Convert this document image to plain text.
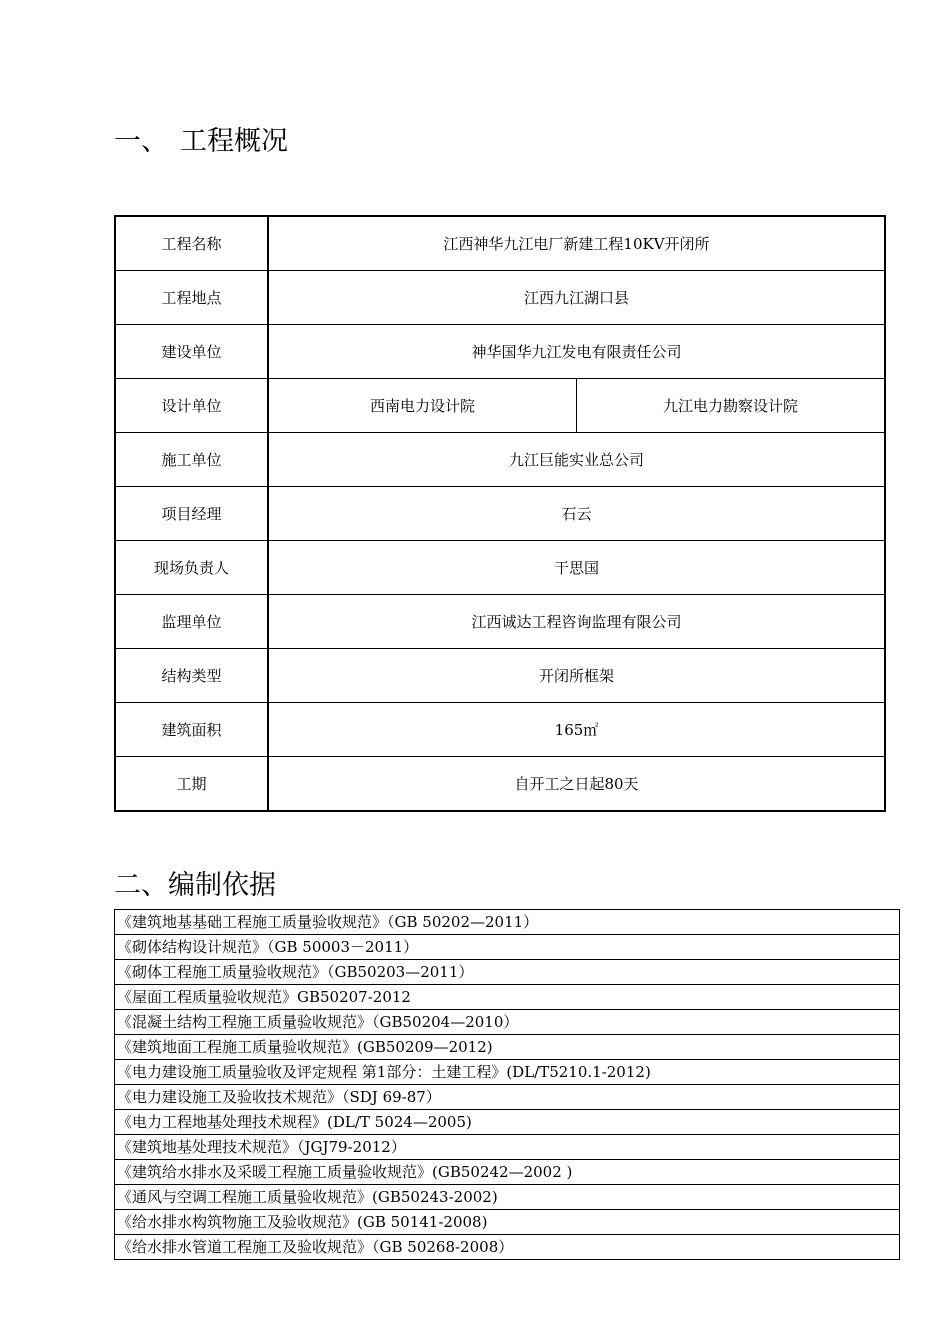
一、 工程概况
工程名称	江西神华九江电厂新建工程10KV开闭所	
工程地点	江西九江湖口县	
建设单位	神华国华九江发电有限责任公司	
设计单位	西南电力设计院	九江电力勘察设计院
施工单位	九江巨能实业总公司	
项目经理	石云	
现场负责人	干思国	
监理单位	江西诚达工程咨询监理有限公司	
结构类型	开闭所框架	
建筑面积	165㎡	
工期	自开工之日起80天	
二、编制依据
《建筑地基基础工程施工质量验收规范》（GB 50202—2011）
《砌体结构设计规范》（GB 50003－2011）
《砌体工程施工质量验收规范》（GB50203—2011）
《屋面工程质量验收规范》GB50207-2012
《混凝土结构工程施工质量验收规范》（GB50204—2010）
《建筑地面工程施工质量验收规范》(GB50209—2012)
《电力建设施工质量验收及评定规程 第1部分：土建工程》(DL/T5210.1-2012)
《电力建设施工及验收技术规范》（SDJ 69-87）
《电力工程地基处理技术规程》(DL/T 5024—2005)
《建筑地基处理技术规范》（JGJ79-2012）
《建筑给水排水及采暖工程施工质量验收规范》(GB50242—2002 )
《通风与空调工程施工质量验收规范》(GB50243-2002)
《给水排水构筑物施工及验收规范》(GB 50141-2008)
《给水排水管道工程施工及验收规范》（GB 50268-2008）
